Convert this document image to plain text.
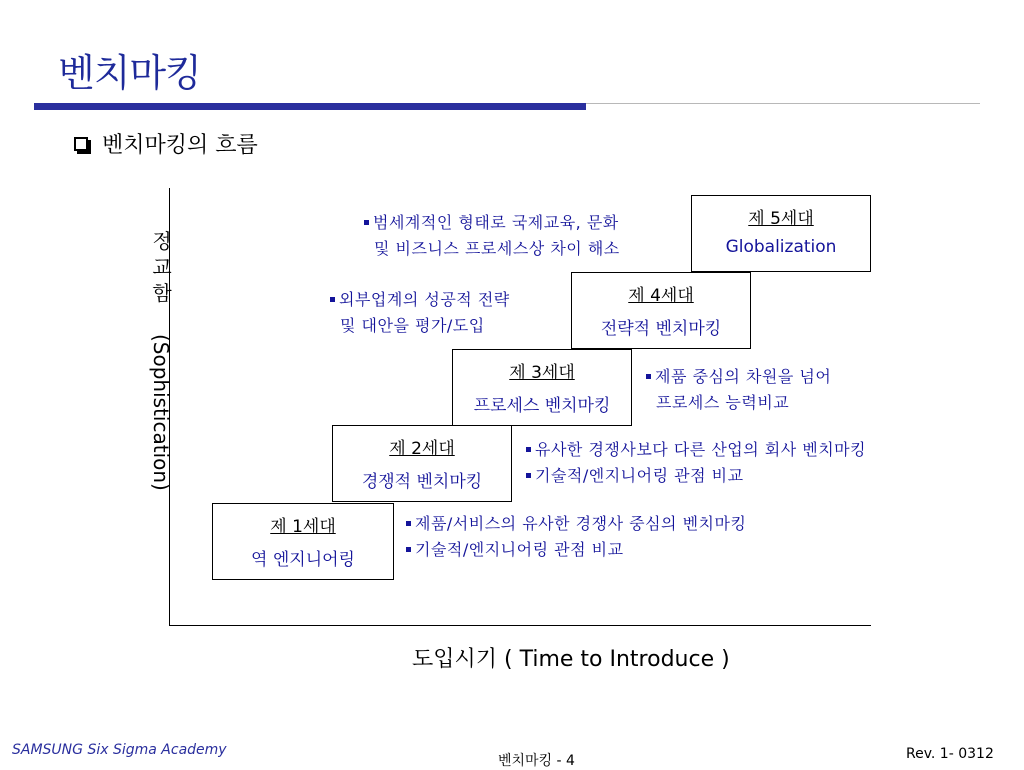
벤치마킹
벤치마킹의 흐름
정
교
함
(Sophistication)
도입시기 ( Time to Introduce )
제 1세대
역 엔지니어링
제 2세대
경쟁적 벤치마킹
제 3세대
프로세스 벤치마킹
제 4세대
전략적 벤치마킹
제 5세대
Globalization
제품/서비스의 유사한 경쟁사 중심의 벤치마킹
기술적/엔지니어링 관점 비교
유사한 경쟁사보다 다른 산업의 회사 벤치마킹
기술적/엔지니어링 관점 비교
제품 중심의 차원을 넘어
프로세스 능력비교
외부업계의 성공적 전략
및 대안을 평가/도입
범세계적인 형태로 국제교육, 문화
및 비즈니스 프로세스상 차이 해소
SAMSUNG Six Sigma Academy
벤치마킹 - 4	Rev. 1- 0312
